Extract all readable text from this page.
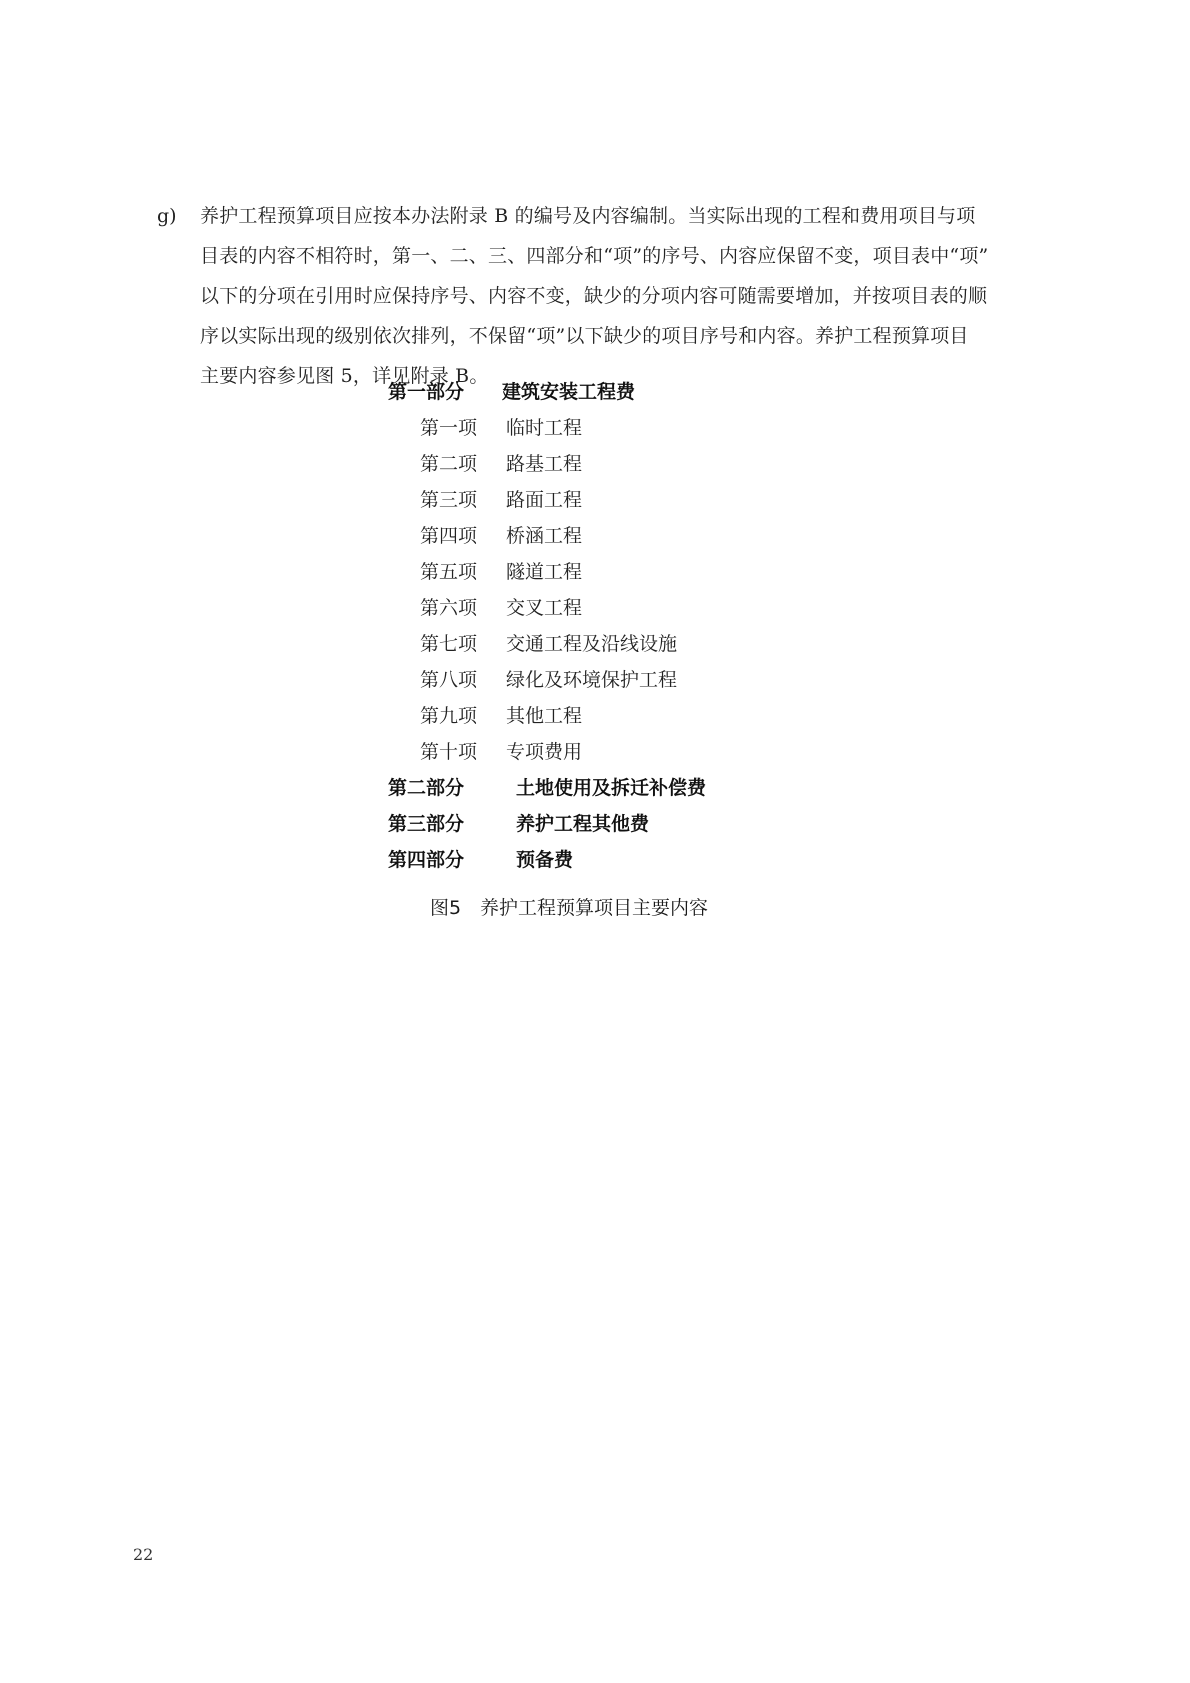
g) 养护工程预算项目应按本办法附录 B 的编号及内容编制。当实际出现的工程和费用项目与项
目表的内容不相符时，第一、二、三、四部分和“项”的序号、内容应保留不变，项目表中“项”
以下的分项在引用时应保持序号、内容不变，缺少的分项内容可随需要增加，并按项目表的顺
序以实际出现的级别依次排列，不保留“项”以下缺少的项目序号和内容。养护工程预算项目
主要内容参见图 5，详见附录 B。
第一部分 建筑安装工程费
第一项 临时工程
第二项 路基工程
第三项 路面工程
第四项 桥涵工程
第五项 隧道工程
第六项 交叉工程
第七项 交通工程及沿线设施
第八项 绿化及环境保护工程
第九项 其他工程
第十项 专项费用
第二部分	土地使用及拆迁补偿费
第三部分	养护工程其他费
第四部分	预备费
图5 养护工程预算项目主要内容
22
